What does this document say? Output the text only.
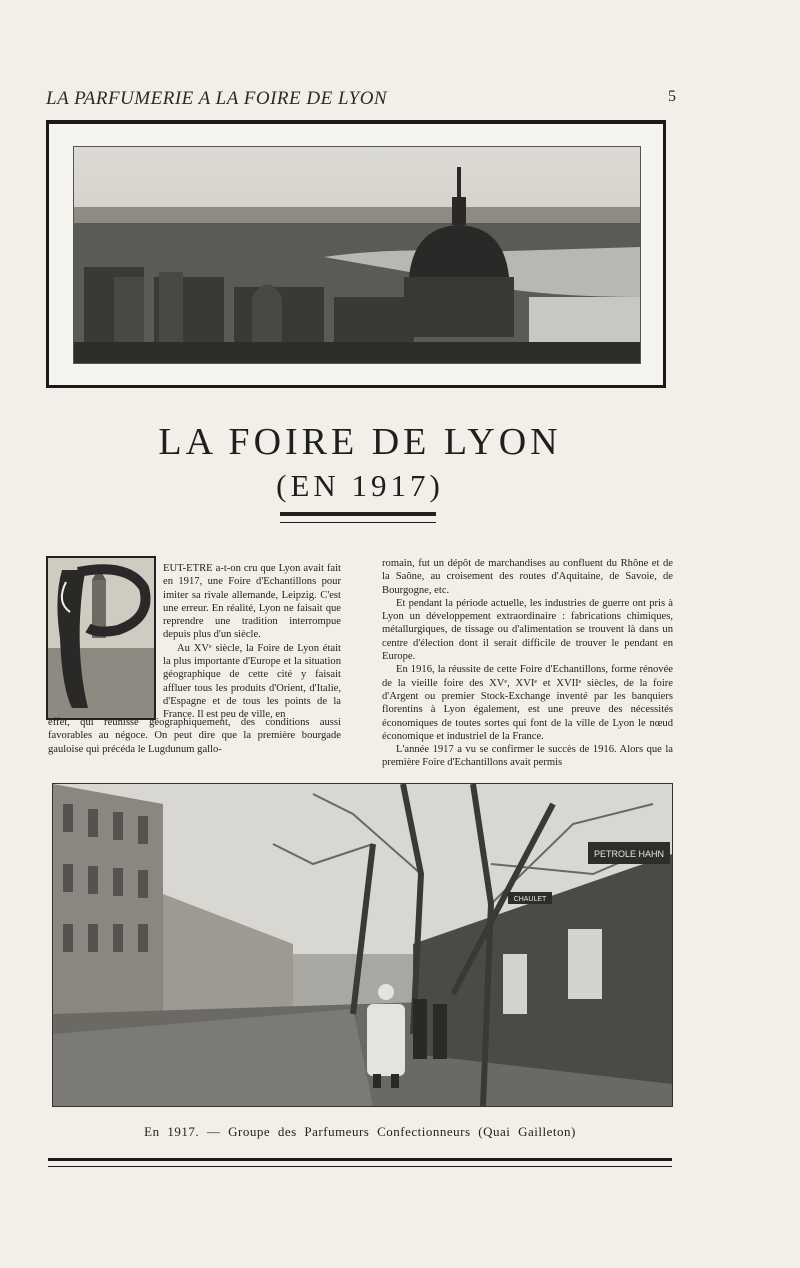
LA PARFUMERIE A LA FOIRE DE LYON	5
LA FOIRE DE LYON
(EN 1917)

EUT-ETRE a-t-on cru que Lyon avait fait en 1917, une Foire d'Echantillons pour imiter sa rivale allemande, Leipzig. C'est une erreur. En réalité, Lyon ne faisait que reprendre une tradition interrompue depuis plus d'un siècle.

Au XVᵉ siècle, la Foire de Lyon était la plus importante d'Europe et la situation géographique de cette cité y faisait affluer tous les produits d'Orient, d'Italie, d'Espagne et de tous les points de la France. Il est peu de ville, en

effet, qui réunisse géographiquement, des conditions aussi favorables au négoce. On peut dire que la première bourgade gauloise qui précéda le Lugdunum gallo-

romain, fut un dépôt de marchandises au confluent du Rhône et de la Saône, au croisement des routes d'Aquitaine, de Savoie, de Bourgogne, etc.

Et pendant la période actuelle, les industries de guerre ont pris à Lyon un développement extraordinaire : fabrications chimiques, métallurgiques, de tissage ou d'alimentation se trouvent là dans un centre d'élection dont il serait difficile de trouver le pendant en Europe.

En 1916, la réussite de cette Foire d'Echantillons, forme rénovée de la vieille foire des XVᵉ, XVIᵉ et XVIIᵉ siècles, de la foire d'Argent ou premier Stock-Exchange inventé par les banquiers florentins à Lyon également, est une preuve des nécessités économiques de toutes sortes qui font de la ville de Lyon le nœud économique et industriel de la France.

L'année 1917 a vu se confirmer le succès de 1916. Alors que la première Foire d'Echantillons avait permis

PETROLE HAHN
CHAULET
En 1917. — Groupe des Parfumeurs Confectionneurs (Quai Gailleton)
